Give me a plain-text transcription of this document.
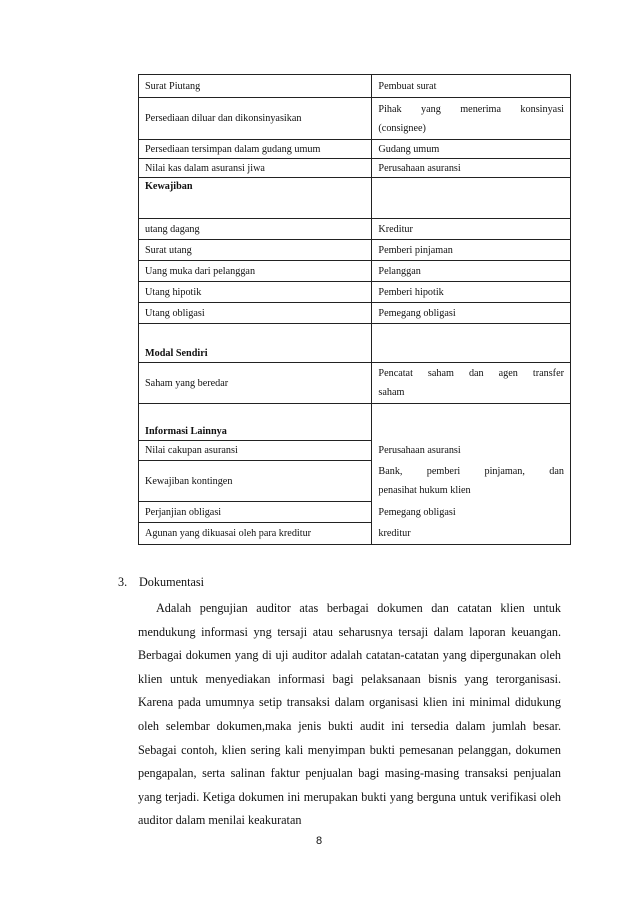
Surat Piutang	Pembuat surat
Persediaan diluar dan dikonsinyasikan	Pihak yang menerima konsinyasi
(consignee)

Persediaan tersimpan dalam gudang umum	Gudang umum
Nilai kas dalam asuransi jiwa	Perusahaan asuransi
Kewajiban	
utang dagang	Kreditur
Surat utang	Pemberi pinjaman
Uang muka dari pelanggan	Pelanggan
Utang hipotik	Pemberi hipotik
Utang obligasi	Pemegang obligasi
Modal Sendiri	
Saham yang beredar	Pencatat saham dan agen transfer
saham

Informasi Lainnya	
Nilai cakupan asuransi	Perusahaan asuransi
Kewajiban kontingen	Bank, pemberi pinjaman, dan
penasihat hukum klien

Perjanjian obligasi	Pemegang obligasi
Agunan yang dikuasai oleh para kreditur	kreditur
3. Dokumentasi

Adalah pengujian auditor atas berbagai dokumen dan catatan klien untuk mendukung informasi yng tersaji atau seharusnya tersaji dalam laporan keuangan. Berbagai dokumen yang di uji auditor adalah catatan-catatan yang dipergunakan oleh klien untuk menyediakan informasi bagi pelaksanaan bisnis yang terorganisasi. Karena pada umumnya setip transaksi dalam organisasi klien ini minimal didukung oleh selembar dokumen,maka jenis bukti audit ini tersedia dalam jumlah besar. Sebagai contoh, klien sering kali menyimpan bukti pemesanan pelanggan, dokumen pengapalan, serta salinan faktur penjualan bagi masing-masing transaksi penjualan yang terjadi. Ketiga dokumen ini merupakan bukti yang berguna untuk verifikasi oleh auditor dalam menilai keakuratan

8
